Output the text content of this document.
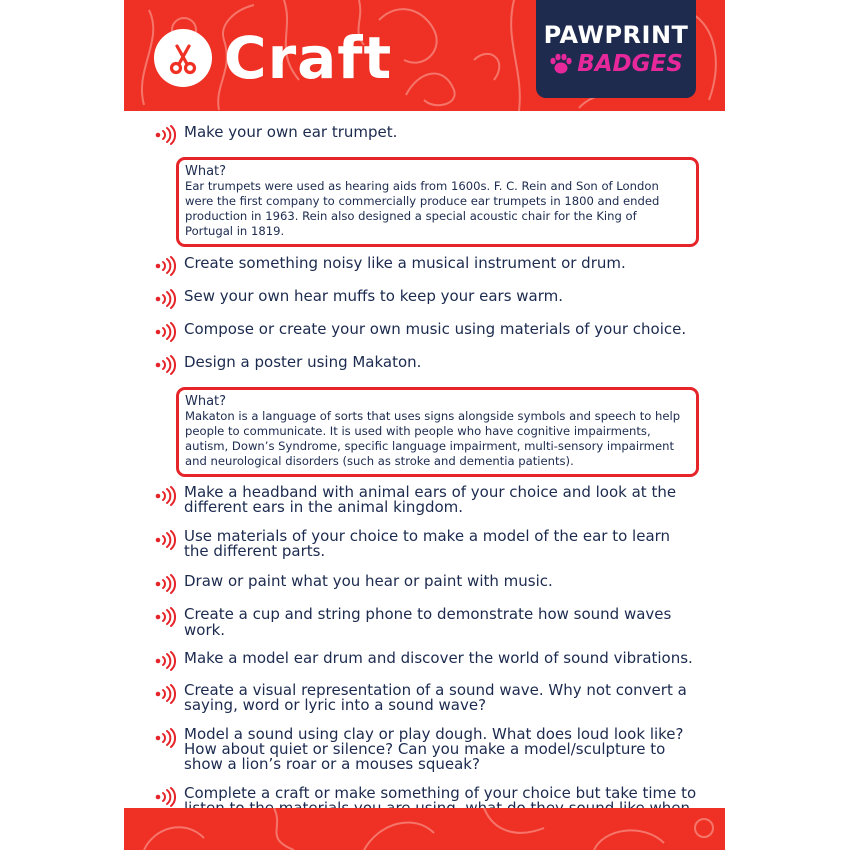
Craft	PAWPRINT
BADGES
Make your own ear trumpet.
What?
Ear trumpets were used as hearing aids from 1600s. F. C. Rein and Son of London were the first company to commercially produce ear trumpets in 1800 and ended production in 1963. Rein also designed a special acoustic chair for the King of Portugal in 1819.
Create something noisy like a musical instrument or drum.
Sew your own hear muffs to keep your ears warm.
Compose or create your own music using materials of your choice.
Design a poster using Makaton.
What?
Makaton is a language of sorts that uses signs alongside symbols and speech to help people to communicate. It is used with people who have cognitive impairments, autism, Down’s Syndrome, specific language impairment, multi-sensory impairment and neurological disorders (such as stroke and dementia patients).
Make a headband with animal ears of your choice and look at the different ears in the animal kingdom.
Use materials of your choice to make a model of the ear to learn the different parts.
Draw or paint what you hear or paint with music.
Create a cup and string phone to demonstrate how sound waves work.
Make a model ear drum and discover the world of sound vibrations.
Create a visual representation of a sound wave. Why not convert a saying, word or lyric into a sound wave?
Model a sound using clay or play dough. What does loud look like? How about quiet or silence? Can you make a model/sculpture to show a lion’s roar or a mouses squeak?
Complete a craft or make something of your choice but take time to
